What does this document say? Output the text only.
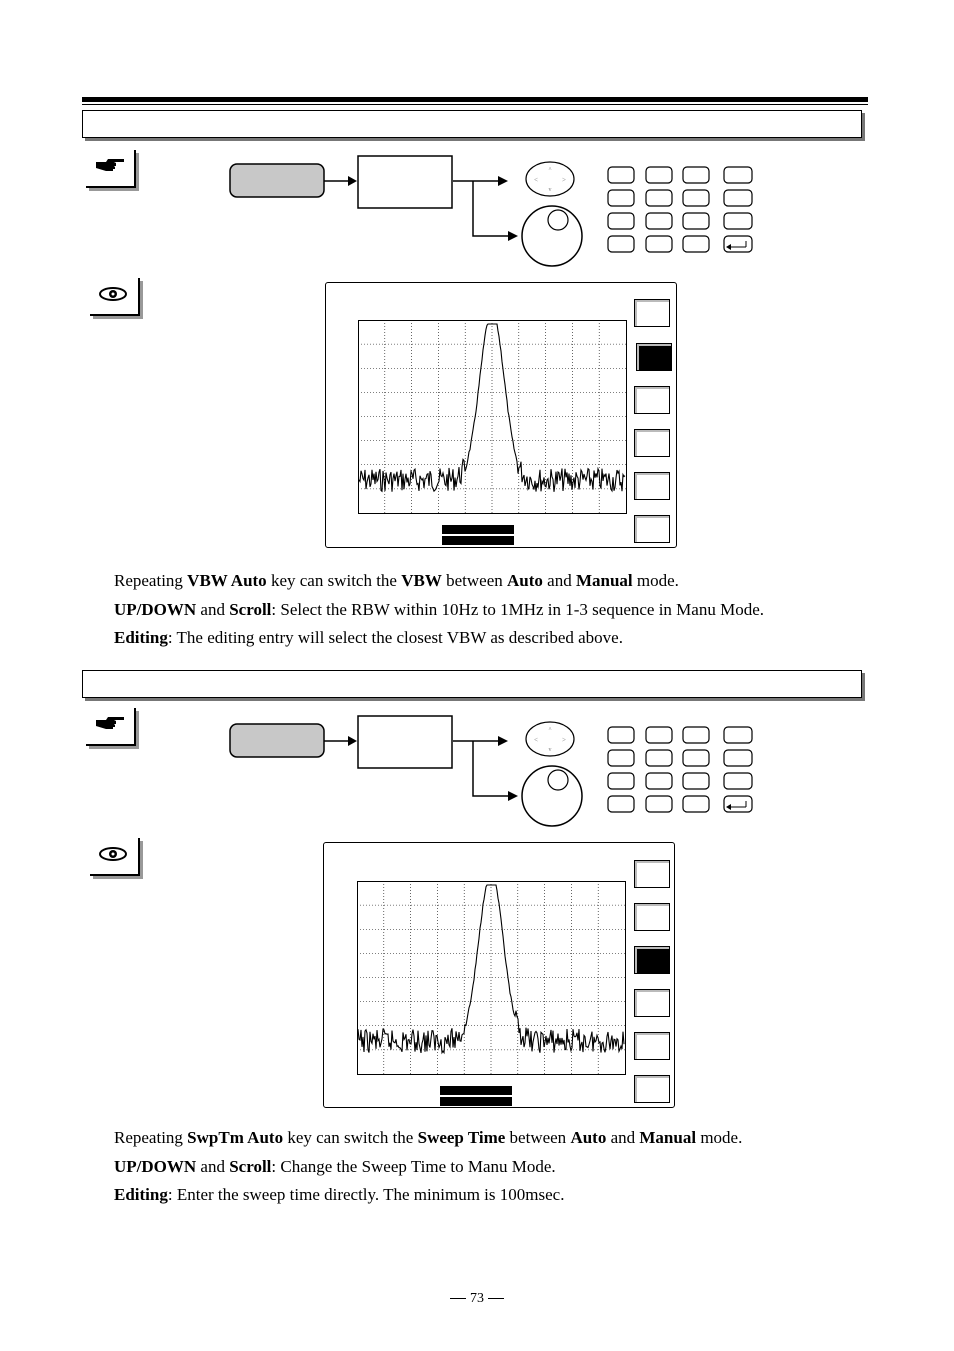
^
v
<	>

Repeating VBW Auto key can switch the VBW between Auto and Manual mode.

UP/DOWN and Scroll: Select the RBW within 10Hz to 1MHz in 1-3 sequence in Manu Mode.

Editing: The editing entry will select the closest VBW as described above.

^
v
<	>

Repeating SwpTm Auto key can switch the Sweep Time between Auto and Manual mode.

UP/DOWN and Scroll: Change the Sweep Time to Manu Mode.

Editing: Enter the sweep time directly. The minimum is 100msec.

73
